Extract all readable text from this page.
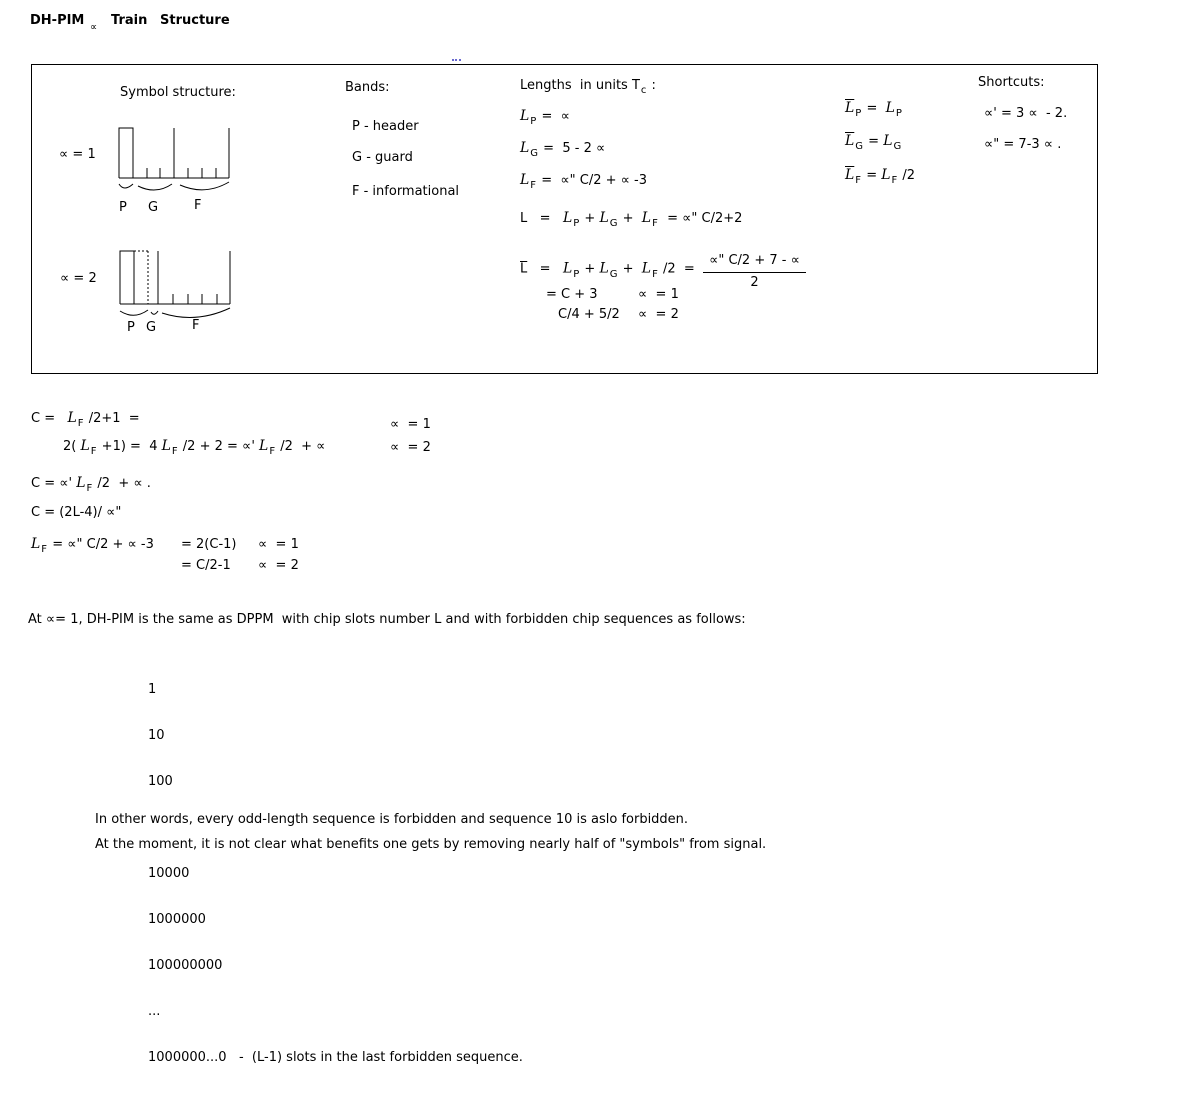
DH-PIM ∝ Train Structure
Symbol structure:
∝ = 1
P G	F
∝ = 2
P G	F
Bands:
P - header
G - guard
F - informational
Lengths  in units $T_c$ :
$L_P$ =  ∝
$L_G = 5 - 2$ ∝
$L_F$ =  ∝" C/2 + ∝ -3
$L = L_P + L_G + L_F$  = ∝" C/2+2
$\overline{L} = L_P + L_G + L_F$ $/2 = \frac{\propto" C/2 + 7 - \propto}{2}$
= C + 3	∝  = 1
C/4 + 5/2 ∝  = 2
$\overline{L}_P = L_P$
$\overline{L}_G = L_G$
$\overline{L}_F = L_F$ /2
Shortcuts:
∝' = 3 ∝  - 2.
∝" = 7-3 ∝ .
$C = L_F$ /2+1  =	∝  = 1
2( $L_F +1) = 4$ $L_F$ /2 + 2 = ∝' $L_F$ /2  + ∝	∝  = 2
C = ∝' $L_F$ /2  + ∝ .
C = (2L-4)/ ∝"
$L_F$ = ∝" C/2 + ∝ -3 = 2(C-1) ∝  = 1
= C/2-1 ∝  = 2
At ∝= 1, DH-PIM is the same as DPPM  with chip slots number L and with forbidden chip sequences as follows:

1

10

100

10000

1000000

100000000

...

1000000...0   -  (L-1) slots in the last forbidden sequence.

In other words, every odd-length sequence is forbidden and sequence 10 is aslo forbidden.
At the moment, it is not clear what benefits one gets by removing nearly half of "symbols" from signal.
